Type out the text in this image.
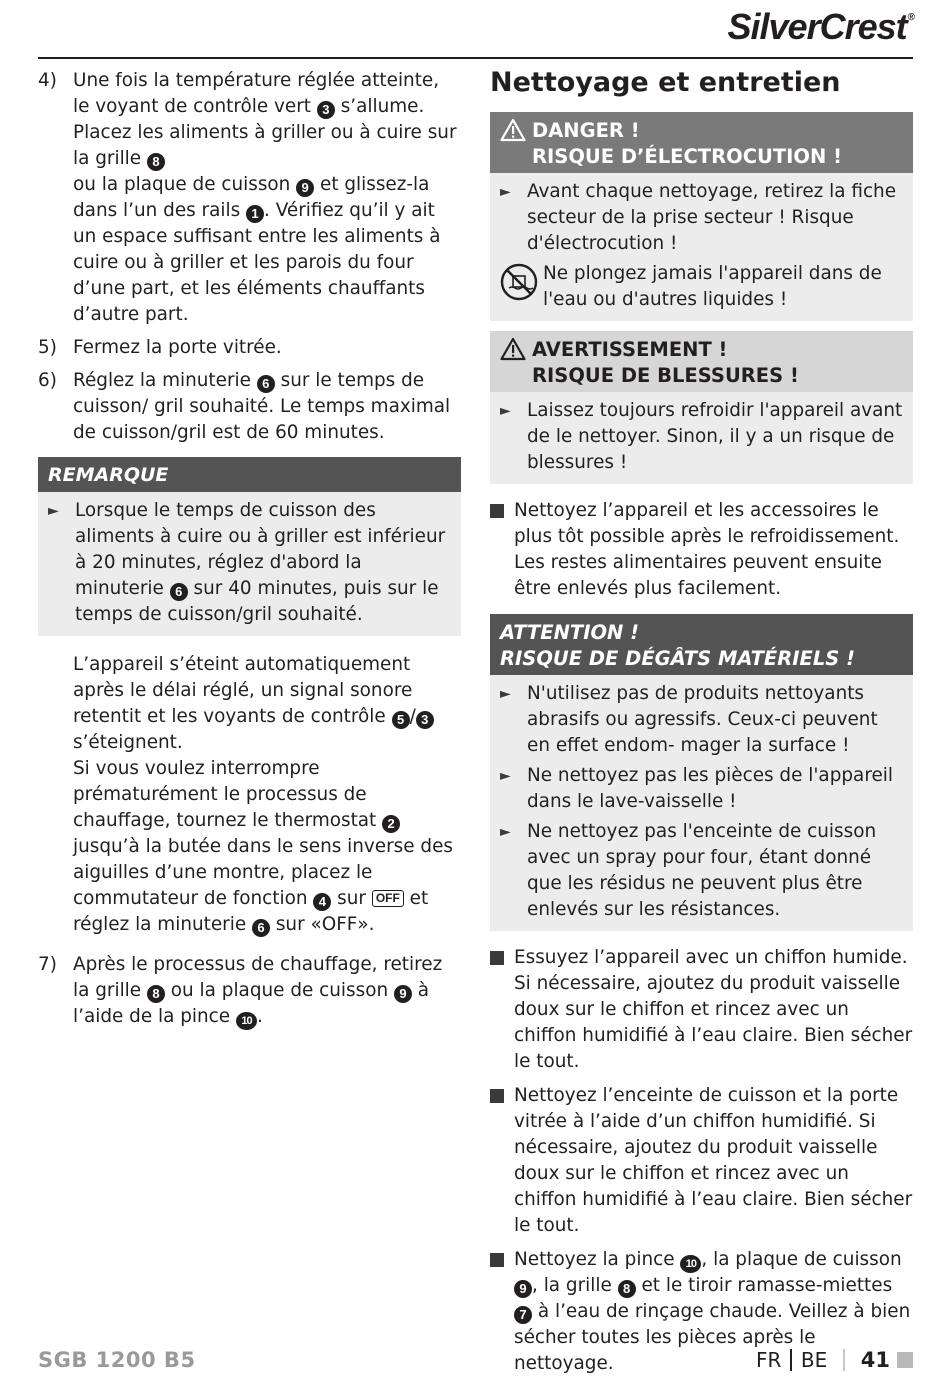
SilverCrest®
4) Une fois la température réglée atteinte, le voyant de contrôle vert 3 s’allume. Placez les aliments à griller ou à cuire sur la grille 8
ou la plaque de cuisson 9 et glissez-la dans l’un des rails 1 . Vérifiez qu’il y ait un espace suffisant entre les aliments à cuire ou à griller et les parois du four d’une part, et les éléments chauffants d’autre part.

5) Fermez la porte vitrée.

6) Réglez la minuterie 6 sur le temps de cuisson/ gril souhaité. Le temps maximal de cuisson/gril est de 60 minutes.

REMARQUE
► Lorsque le temps de cuisson des aliments à cuire ou à griller est inférieur à 20 minutes, réglez d'abord la minuterie 6 sur 40 minutes, puis sur le temps de cuisson/gril souhaité.

L’appareil s’éteint automatiquement après le délai réglé, un signal sonore retentit et les voyants de contrôle 5 / 3 s’éteignent.

Si vous voulez interrompre prématurément le processus de chauffage, tournez le thermostat 2 jusqu’à la butée dans le sens inverse des aiguilles d’une montre, placez le commutateur de fonction 4 sur OFF et réglez la minuterie 6 sur «OFF».

7) Après le processus de chauffage, retirez la grille 8 ou la plaque de cuisson 9 à l’aide de la pince 10 .

Nettoyage et entretien
DANGER !
RISQUE D’ÉLECTROCUTION !
► Avant chaque nettoyage, retirez la fiche secteur de la prise secteur ! Risque d'électrocution !

Ne plongez jamais l'appareil dans de l'eau ou d'autres liquides !

AVERTISSEMENT !
RISQUE DE BLESSURES !
► Laissez toujours refroidir l'appareil avant de le nettoyer. Sinon, il y a un risque de blessures !

Nettoyez l’appareil et les accessoires le plus tôt possible après le refroidissement. Les restes alimentaires peuvent ensuite être enlevés plus facilement.

ATTENTION !
RISQUE DE DÉGÂTS MATÉRIELS !
► N'utilisez pas de produits nettoyants abrasifs ou agressifs. Ceux-ci peuvent en effet endom- mager la surface !

► Ne nettoyez pas les pièces de l'appareil dans le lave-vaisselle !

► Ne nettoyez pas l'enceinte de cuisson avec un spray pour four, étant donné que les résidus ne peuvent plus être enlevés sur les résistances.

Essuyez l’appareil avec un chiffon humide. Si nécessaire, ajoutez du produit vaisselle doux sur le chiffon et rincez avec un chiffon humidifié à l’eau claire. Bien sécher le tout.

Nettoyez l’enceinte de cuisson et la porte vitrée à l’aide d’un chiffon humidifié. Si nécessaire, ajoutez du produit vaisselle doux sur le chiffon et rincez avec un chiffon humidifié à l’eau claire. Bien sécher le tout.

Nettoyez la pince 10 , la plaque de cuisson 9 , la grille 8 et le tiroir ramasse-miettes 7 à l’eau de rinçage chaude. Veillez à bien sécher toutes les pièces après le nettoyage.

SGB 1200 B5	FR BE 41
